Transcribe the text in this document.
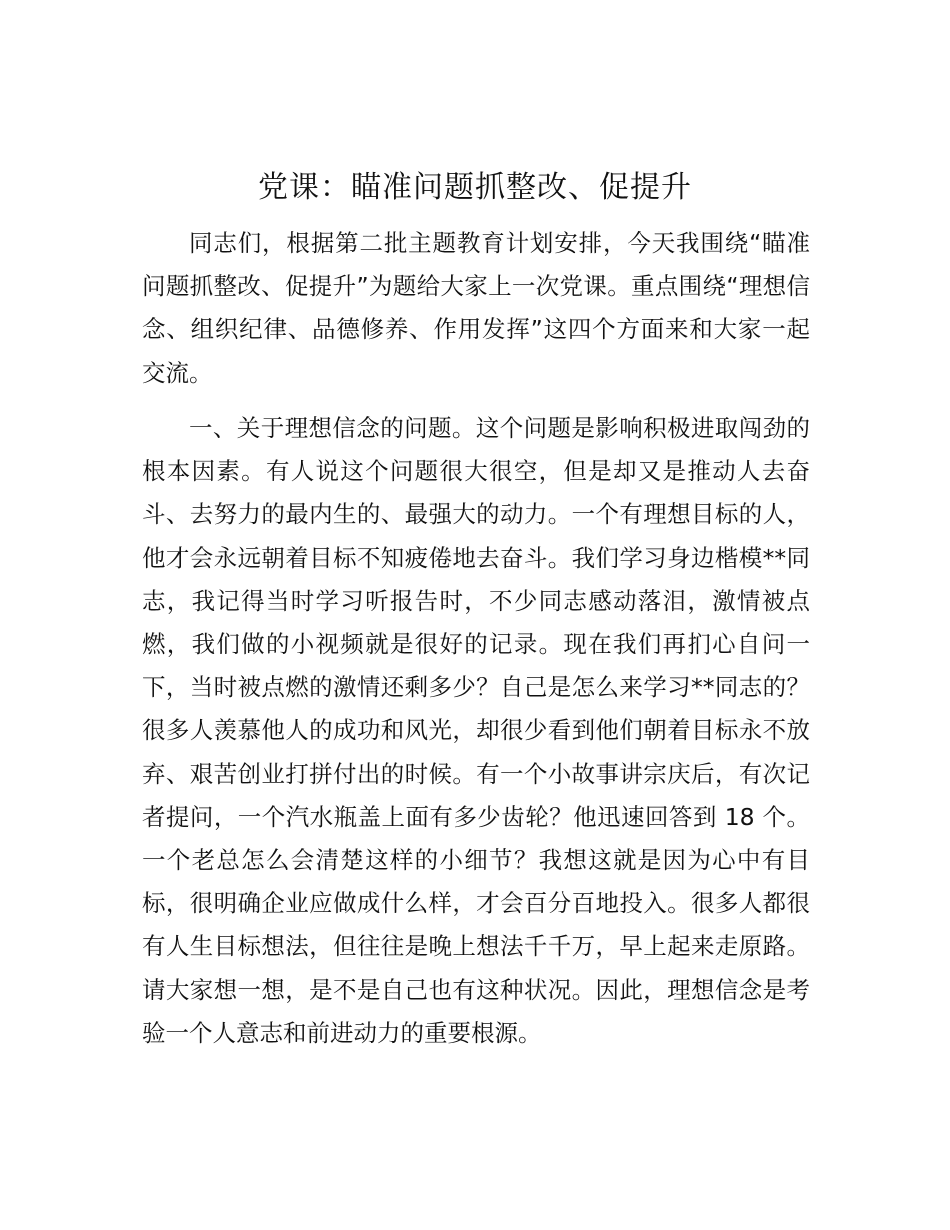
党课：瞄准问题抓整改、促提升

同志们，根据第二批主题教育计划安排，今天我围绕“瞄准问题抓整改、促提升”为题给大家上一次党课。重点围绕“理想信念、组织纪律、品德修养、作用发挥”这四个方面来和大家一起交流。

一、关于理想信念的问题。这个问题是影响积极进取闯劲的根本因素。有人说这个问题很大很空，但是却又是推动人去奋斗、去努力的最内生的、最强大的动力。一个有理想目标的人，他才会永远朝着目标不知疲倦地去奋斗。我们学习身边楷模**同志，我记得当时学习听报告时，不少同志感动落泪，激情被点燃，我们做的小视频就是很好的记录。现在我们再扪心自问一下，当时被点燃的激情还剩多少？自己是怎么来学习**同志的？很多人羡慕他人的成功和风光，却很少看到他们朝着目标永不放弃、艰苦创业打拼付出的时候。有一个小故事讲宗庆后，有次记者提问，一个汽水瓶盖上面有多少齿轮？他迅速回答到 18 个。一个老总怎么会清楚这样的小细节？我想这就是因为心中有目标，很明确企业应做成什么样，才会百分百地投入。很多人都很有人生目标想法，但往往是晚上想法千千万，早上起来走原路。请大家想一想，是不是自己也有这种状况。因此，理想信念是考验一个人意志和前进动力的重要根源。
